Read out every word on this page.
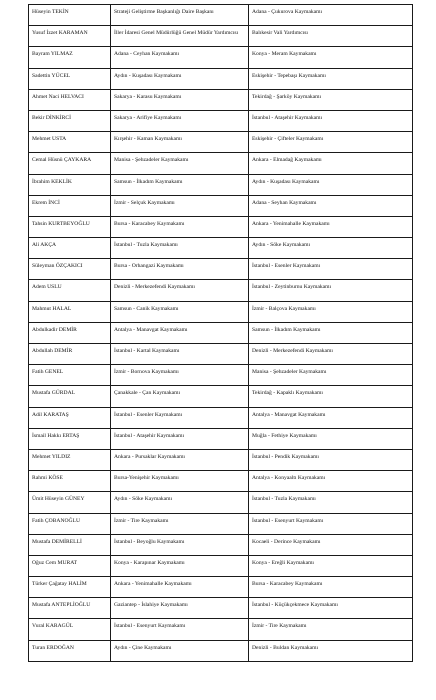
Hüseyin TEKİN	Strateji Geliştirme Başkanlığı Daire Başkanı	Adana - Çukurova Kaymakamı

Yusuf İzzet KARAMAN	İller İdaresi Genel Müdürlüğü Genel Müdür Yardımcısı	Balıkesir Vali Yardımcısı

Bayram YILMAZ	Adana - Ceyhan Kaymakamı	Konya - Meram Kaymakamı

Sadettin YÜCEL	Aydın - Kuşadası Kaymakamı	Eskişehir - Tepebaşı Kaymakamı

Ahmet Naci HELVACI	Sakarya - Karasu Kaymakamı	Tekirdağ - Şarköy Kaymakamı

Bekir DİNKİRCİ	Sakarya - Arifiye Kaymakamı	İstanbul - Ataşehir Kaymakamı

Mehmet USTA	Kırşehir - Kaman Kaymakamı	Eskişehir - Çifteler Kaymakamı

Cemal Hüsnü ÇAYKARA	Manisa - Şehzadeler Kaymakamı	Ankara - Elmadağ Kaymakamı

İbrahim KEKLİK	Samsun - İlkadım Kaymakamı	Aydın - Kuşadası Kaymakamı

Ekrem İNCİ	İzmir - Selçuk Kaymakamı	Adana - Seyhan Kaymakamı

Tahsin KURTBEYOĞLU	Bursa - Karacabey Kaymakamı	Ankara - Yenimahalle Kaymakamı

Ali AKÇA	İstanbul - Tuzla Kaymakamı	Aydın - Söke Kaymakamı

Süleyman ÖZÇAKICI	Bursa - Orhangazi Kaymakamı	İstanbul - Esenler Kaymakamı

Adem USLU	Denizli - Merkezefendi Kaymakamı	İstanbul - Zeytinburnu Kaymakamı

Mahmut HALAL	Samsun - Canik Kaymakamı	İzmir - Balçova Kaymakamı

Abdulkadir DEMİR	Antalya - Manavgat Kaymakamı	Samsun - İlkadım Kaymakamı

Abdullah DEMİR	İstanbul - Kartal Kaymakamı	Denizli - Merkezefendi Kaymakamı

Fatih GENEL	İzmir - Bornova Kaymakamı	Manisa - Şehzadeler Kaymakamı

Mustafa GÜRDAL	Çanakkale - Çan Kaymakamı	Tekirdağ - Kapaklı Kaymakamı

Adil KARATAŞ	İstanbul - Esenler Kaymakamı	Antalya - Manavgat Kaymakamı

İsmail Hakkı ERTAŞ	İstanbul - Ataşehir Kaymakamı	Muğla - Fethiye Kaymakamı

Mehmet YILDIZ	Ankara - Pursaklar Kaymakamı	İstanbul - Pendik Kaymakamı

Rahmi KÖSE	Bursa-Yenişehir Kaymakamı	Antalya - Konyaaltı Kaymakamı

Ümit Hüseyin GÜNEY	Aydın - Söke Kaymakamı	İstanbul - Tuzla Kaymakamı

Fatih ÇOBANOĞLU	İzmir - Tire Kaymakamı	İstanbul - Esenyurt Kaymakamı

Mustafa DEMİRELLİ	İstanbul - Beyoğlu Kaymakamı	Kocaeli - Derince Kaymakamı

Oğuz Cem MURAT	Konya - Karapınar Kaymakamı	Konya - Ereğli Kaymakamı

Türker Çağatay HALİM	Ankara - Yenimahalle Kaymakamı	Bursa - Karacabey Kaymakamı

Mustafa ANTEPLİOĞLU	Gaziantep - İslahiye Kaymakamı	İstanbul - Küçükçekmece Kaymakamı

Vural KARAGÜL	İstanbul - Esenyurt Kaymakamı	İzmir - Tire Kaymakamı

Turan ERDOĞAN	Aydın - Çine Kaymakamı	Denizli - Buldan Kaymakamı
